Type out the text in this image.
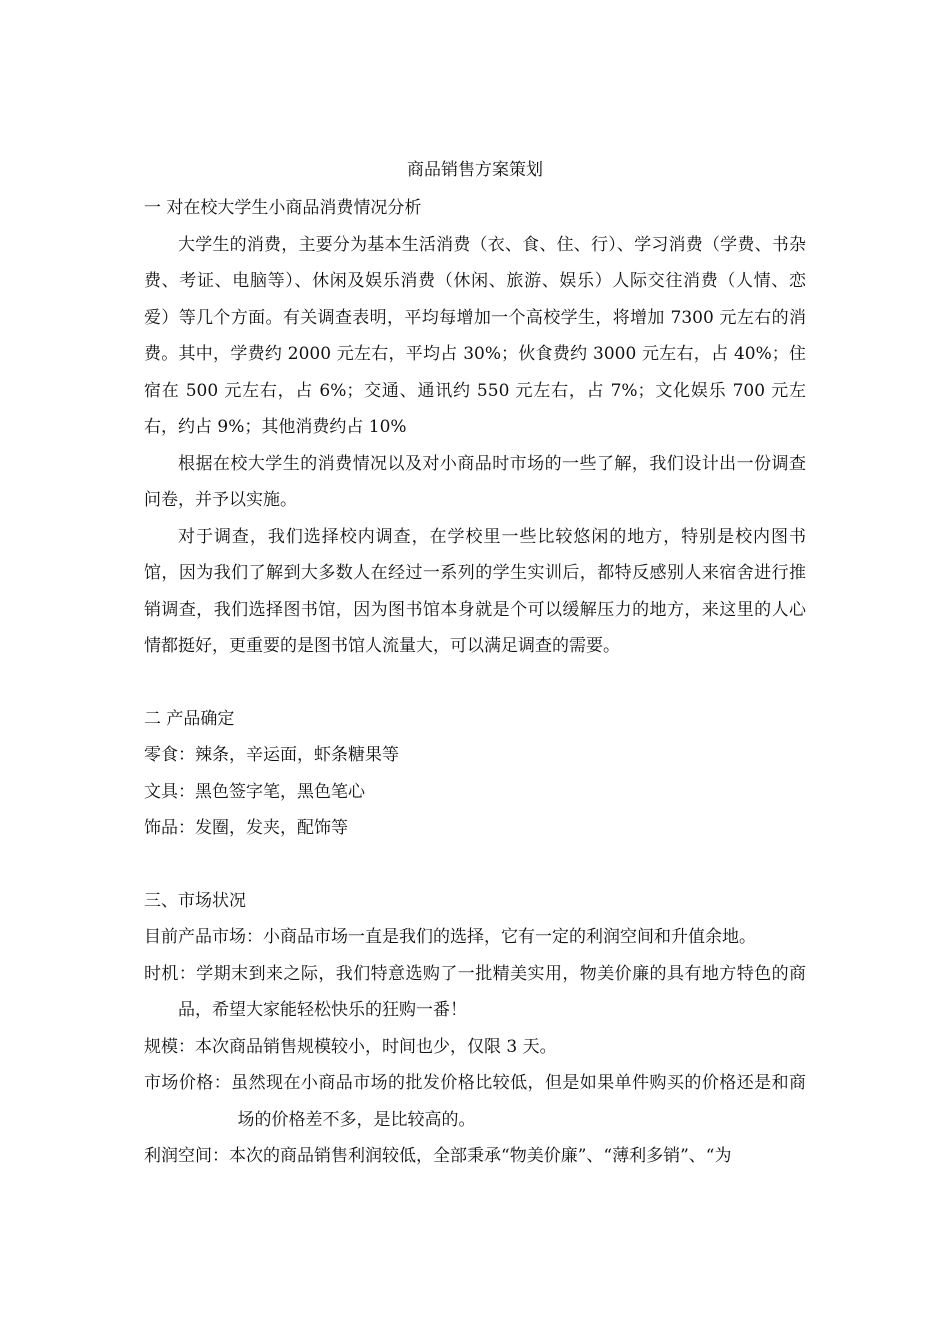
商品销售方案策划

一 对在校大学生小商品消费情况分析

大学生的消费，主要分为基本生活消费（衣、食、住、行）、学习消费（学费、书杂费、考证、电脑等）、休闲及娱乐消费（休闲、旅游、娱乐）人际交往消费（人情、恋爱）等几个方面。有关调查表明，平均每增加一个高校学生，将增加 7300 元左右的消费。其中，学费约 2000 元左右，平均占 30%；伙食费约 3000 元左右，占 40%；住宿在 500 元左右，占 6%；交通、通讯约 550 元左右，占 7%；文化娱乐 700 元左右，约占 9%；其他消费约占 10%

根据在校大学生的消费情况以及对小商品时市场的一些了解，我们设计出一份调查问卷，并予以实施。

对于调查，我们选择校内调查，在学校里一些比较悠闲的地方，特别是校内图书馆，因为我们了解到大多数人在经过一系列的学生实训后，都特反感别人来宿舍进行推销调查，我们选择图书馆，因为图书馆本身就是个可以缓解压力的地方，来这里的人心情都挺好，更重要的是图书馆人流量大，可以满足调查的需要。

二 产品确定

零食：辣条，辛运面，虾条糖果等

文具：黑色签字笔，黑色笔心

饰品：发圈，发夹，配饰等

三、市场状况

目前产品市场：小商品市场一直是我们的选择，它有一定的利润空间和升值余地。

时机：学期末到来之际，我们特意选购了一批精美实用，物美价廉的具有地方特色的商品，希望大家能轻松快乐的狂购一番！

规模：本次商品销售规模较小，时间也少，仅限 3 天。

市场价格：虽然现在小商品市场的批发价格比较低，但是如果单件购买的价格还是和商场的价格差不多，是比较高的。

利润空间：本次的商品销售利润较低，全部秉承“物美价廉”、“薄利多销”、“为
